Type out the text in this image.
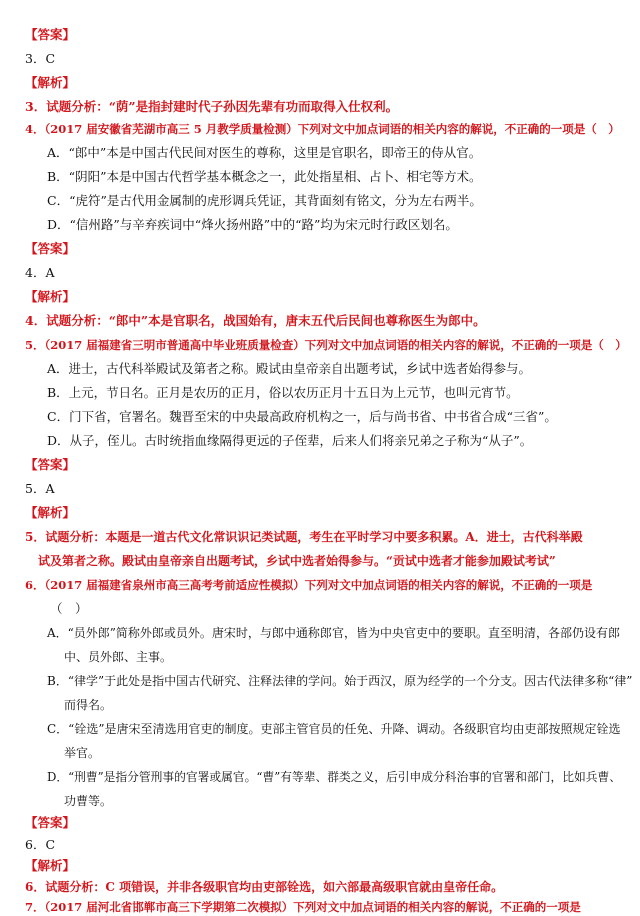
【答案】
3．C
【解析】
3．试题分析：“荫”是指封建时代子孙因先辈有功而取得入仕权利。
4．（2017 届安徽省芜湖市高三 5 月教学质量检测）下列对文中加点词语的相关内容的解说，不正确的一项是（　）
A．“郎中”本是中国古代民间对医生的尊称，这里是官职名，即帝王的侍从官。
B．“阴阳”本是中国古代哲学基本概念之一，此处指星相、占卜、相宅等方术。
C．“虎符”是古代用金属制的虎形调兵凭证，其背面刻有铭文，分为左右两半。
D．“信州路”与辛弃疾词中“烽火扬州路”中的“路”均为宋元时行政区划名。
【答案】
4．A
【解析】
4．试题分析：“郎中”本是官职名，战国始有，唐末五代后民间也尊称医生为郎中。
5．（2017 届福建省三明市普通高中毕业班质量检查）下列对文中加点词语的相关内容的解说，不正确的一项是（　）
A．进士，古代科举殿试及第者之称。殿试由皇帝亲自出题考试，乡试中选者始得参与。
B．上元，节日名。正月是农历的正月，俗以农历正月十五日为上元节，也叫元宵节。
C．门下省，官署名。魏晋至宋的中央最高政府机构之一，后与尚书省、中书省合成“三省”。
D．从子，侄儿。古时统指血缘隔得更远的子侄辈，后来人们将亲兄弟之子称为“从子”。
【答案】
5．A
【解析】
5．试题分析：本题是一道古代文化常识识记类试题，考生在平时学习中要多积累。A．进士，古代科举殿
试及第者之称。殿试由皇帝亲自出题考试，乡试中选者始得参与。“贡试中选者才能参加殿试考试”
6．（2017 届福建省泉州市高三高考考前适应性模拟）下列对文中加点词语的相关内容的解说，不正确的一项是
（　）
A．“员外郎”简称外郎或员外。唐宋时，与郎中通称郎官，皆为中央官吏中的要职。直至明清，各部仍设有郎
中、员外郎、主事。
B．“律学”于此处是指中国古代研究、注释法律的学问。始于西汉，原为经学的一个分支。因古代法律多称“律”
而得名。
C．“铨选”是唐宋至清选用官吏的制度。吏部主管官员的任免、升降、调动。各级职官均由吏部按照规定铨选
举官。
D．“刑曹”是指分管刑事的官署或属官。“曹”有等辈、群类之义，后引申成分科治事的官署和部门，比如兵曹、
功曹等。
【答案】
6．C
【解析】
6．试题分析：C 项错误，并非各级职官均由吏部铨选，如六部最高级职官就由皇帝任命。
7．（2017 届河北省邯郸市高三下学期第二次模拟）下列对文中加点词语的相关内容的解说，不正确的一项是
